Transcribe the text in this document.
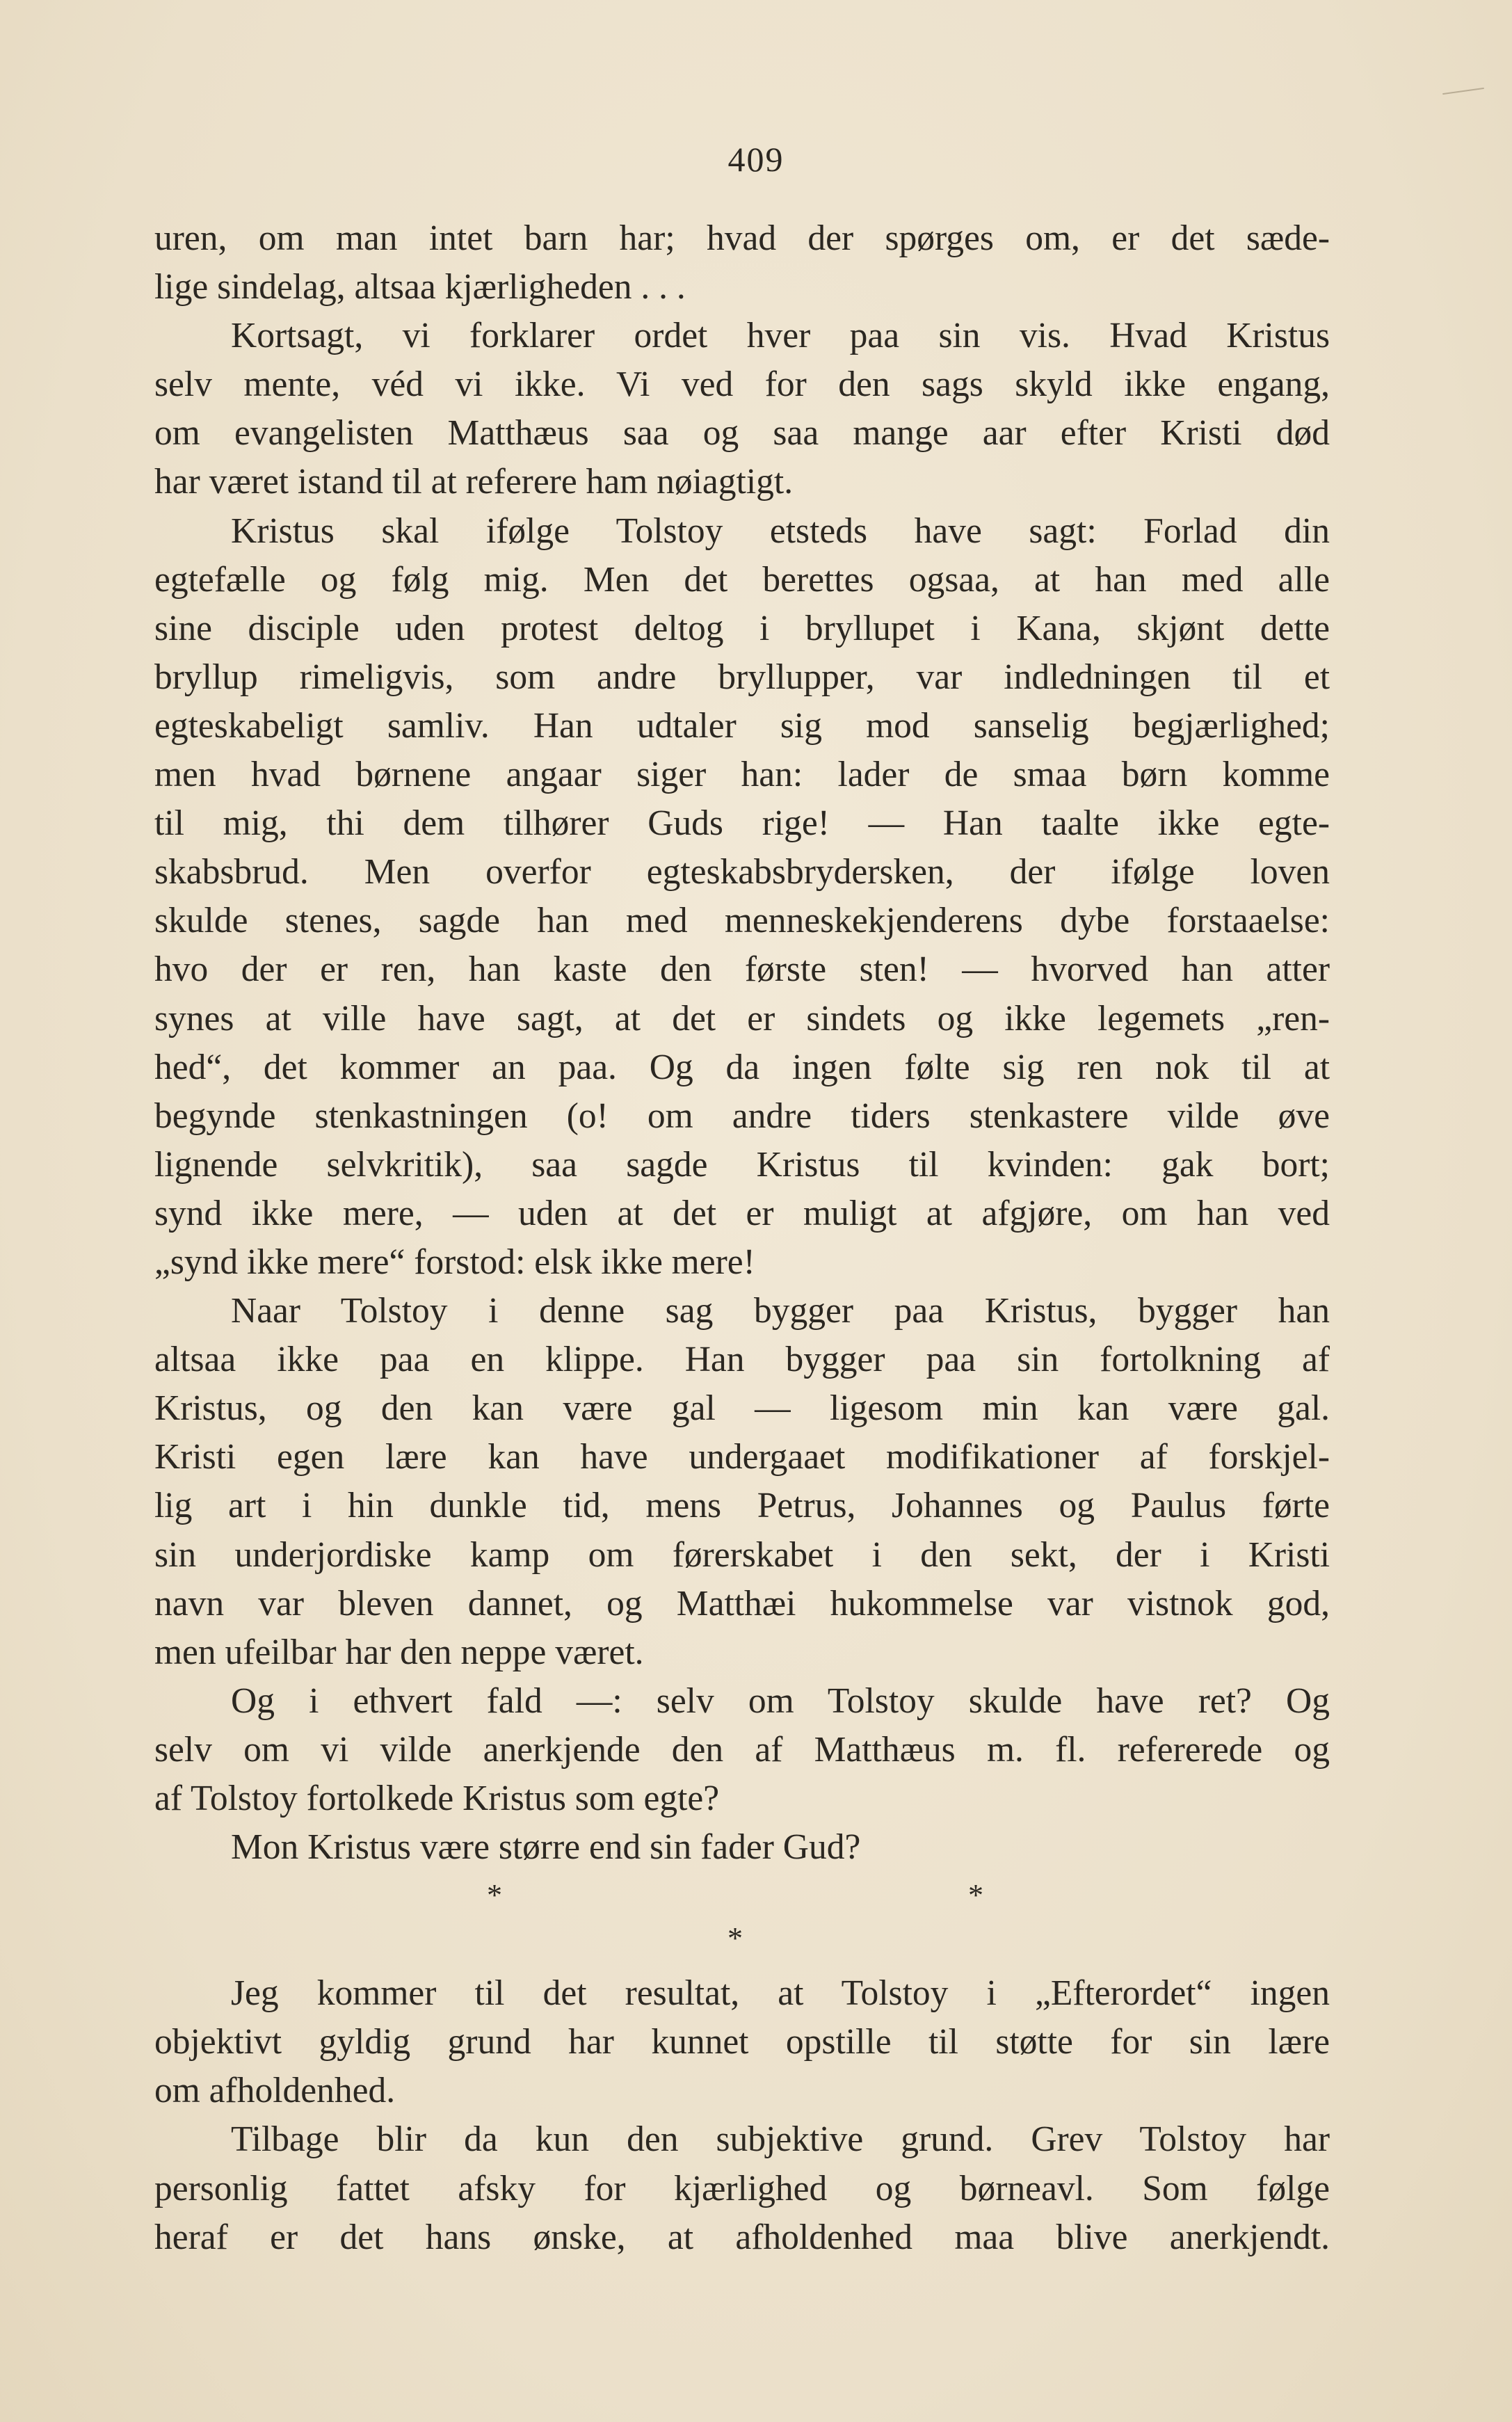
409
uren, om man intet barn har; hvad der spørges om, er det sæde-
lige sindelag, altsaa kjærligheden . . .
Kortsagt, vi forklarer ordet hver paa sin vis. Hvad Kristus
selv mente, véd vi ikke. Vi ved for den sags skyld ikke engang,
om evangelisten Matthæus saa og saa mange aar efter Kristi død
har været istand til at referere ham nøiagtigt.
Kristus skal ifølge Tolstoy etsteds have sagt: Forlad din
egtefælle og følg mig. Men det berettes ogsaa, at han med alle
sine disciple uden protest deltog i bryllupet i Kana, skjønt dette
bryllup rimeligvis, som andre bryllupper, var indledningen til et
egteskabeligt samliv. Han udtaler sig mod sanselig begjærlighed;
men hvad børnene angaar siger han: lader de smaa børn komme
til mig, thi dem tilhører Guds rige! — Han taalte ikke egte-
skabsbrud. Men overfor egteskabsbrydersken, der ifølge loven
skulde stenes, sagde han med menneskekjenderens dybe forstaaelse:
hvo der er ren, han kaste den første sten! — hvorved han atter
synes at ville have sagt, at det er sindets og ikke legemets „ren-
hed“, det kommer an paa. Og da ingen følte sig ren nok til at
begynde stenkastningen (o! om andre tiders stenkastere vilde øve
lignende selvkritik), saa sagde Kristus til kvinden: gak bort;
synd ikke mere, — uden at det er muligt at afgjøre, om han ved
„synd ikke mere“ forstod: elsk ikke mere!
Naar Tolstoy i denne sag bygger paa Kristus, bygger han
altsaa ikke paa en klippe. Han bygger paa sin fortolkning af
Kristus, og den kan være gal — ligesom min kan være gal.
Kristi egen lære kan have undergaaet modifikationer af forskjel-
lig art i hin dunkle tid, mens Petrus, Johannes og Paulus førte
sin underjordiske kamp om førerskabet i den sekt, der i Kristi
navn var bleven dannet, og Matthæi hukommelse var vistnok god,
men ufeilbar har den neppe været.
Og i ethvert fald —: selv om Tolstoy skulde have ret? Og
selv om vi vilde anerkjende den af Matthæus m. fl. refererede og
af Tolstoy fortolkede Kristus som egte?
Mon Kristus være større end sin fader Gud?
*	*
*
Jeg kommer til det resultat, at Tolstoy i „Efterordet“ ingen
objektivt gyldig grund har kunnet opstille til støtte for sin lære
om afholdenhed.
Tilbage blir da kun den subjektive grund. Grev Tolstoy har
personlig fattet afsky for kjærlighed og børneavl. Som følge
heraf er det hans ønske, at afholdenhed maa blive anerkjendt.
